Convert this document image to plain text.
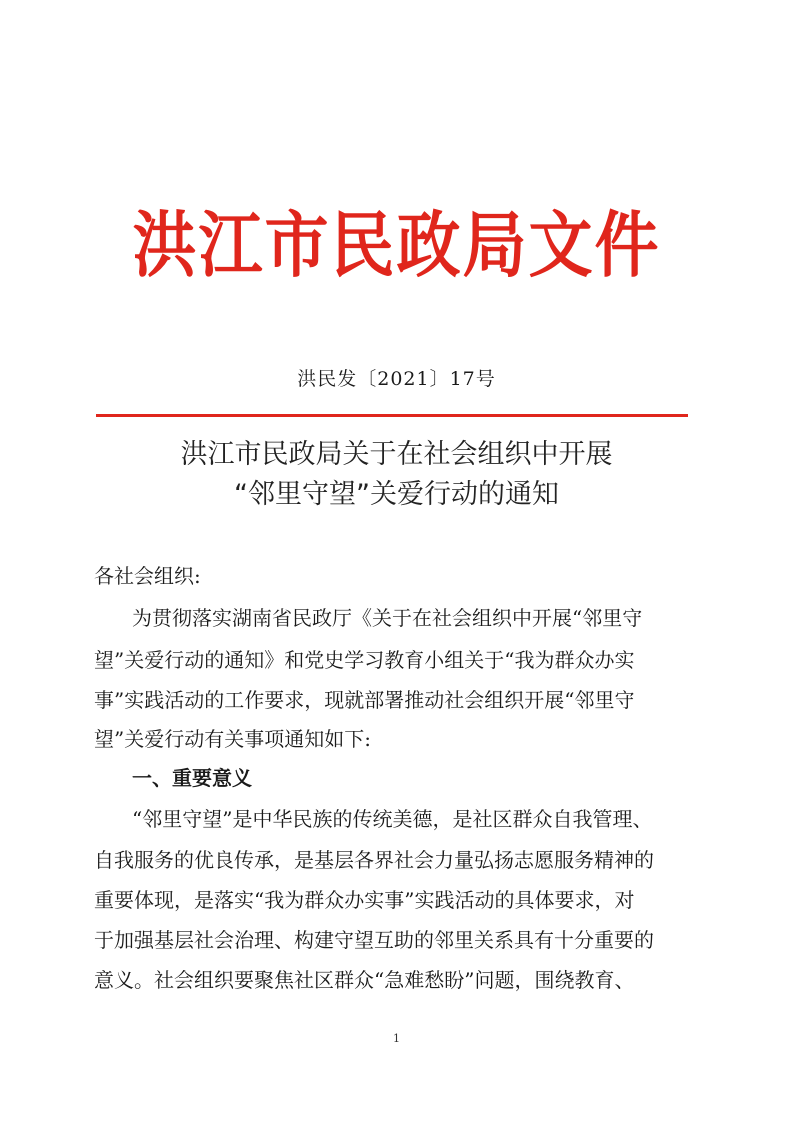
洪江市民政局文件
洪民发〔2021〕17号
洪江市民政局关于在社会组织中开展
“邻里守望”关爱行动的通知
各社会组织:
为贯彻落实湖南省民政厅《关于在社会组织中开展“邻里守
望”关爱行动的通知》和党史学习教育小组关于“我为群众办实
事”实践活动的工作要求，现就部署推动社会组织开展“邻里守
望”关爱行动有关事项通知如下:
一、重要意义
“邻里守望”是中华民族的传统美德，是社区群众自我管理、
自我服务的优良传承，是基层各界社会力量弘扬志愿服务精神的
重要体现，是落实“我为群众办实事”实践活动的具体要求，对
于加强基层社会治理、构建守望互助的邻里关系具有十分重要的
意义。社会组织要聚焦社区群众“急难愁盼”问题，围绕教育、
1
